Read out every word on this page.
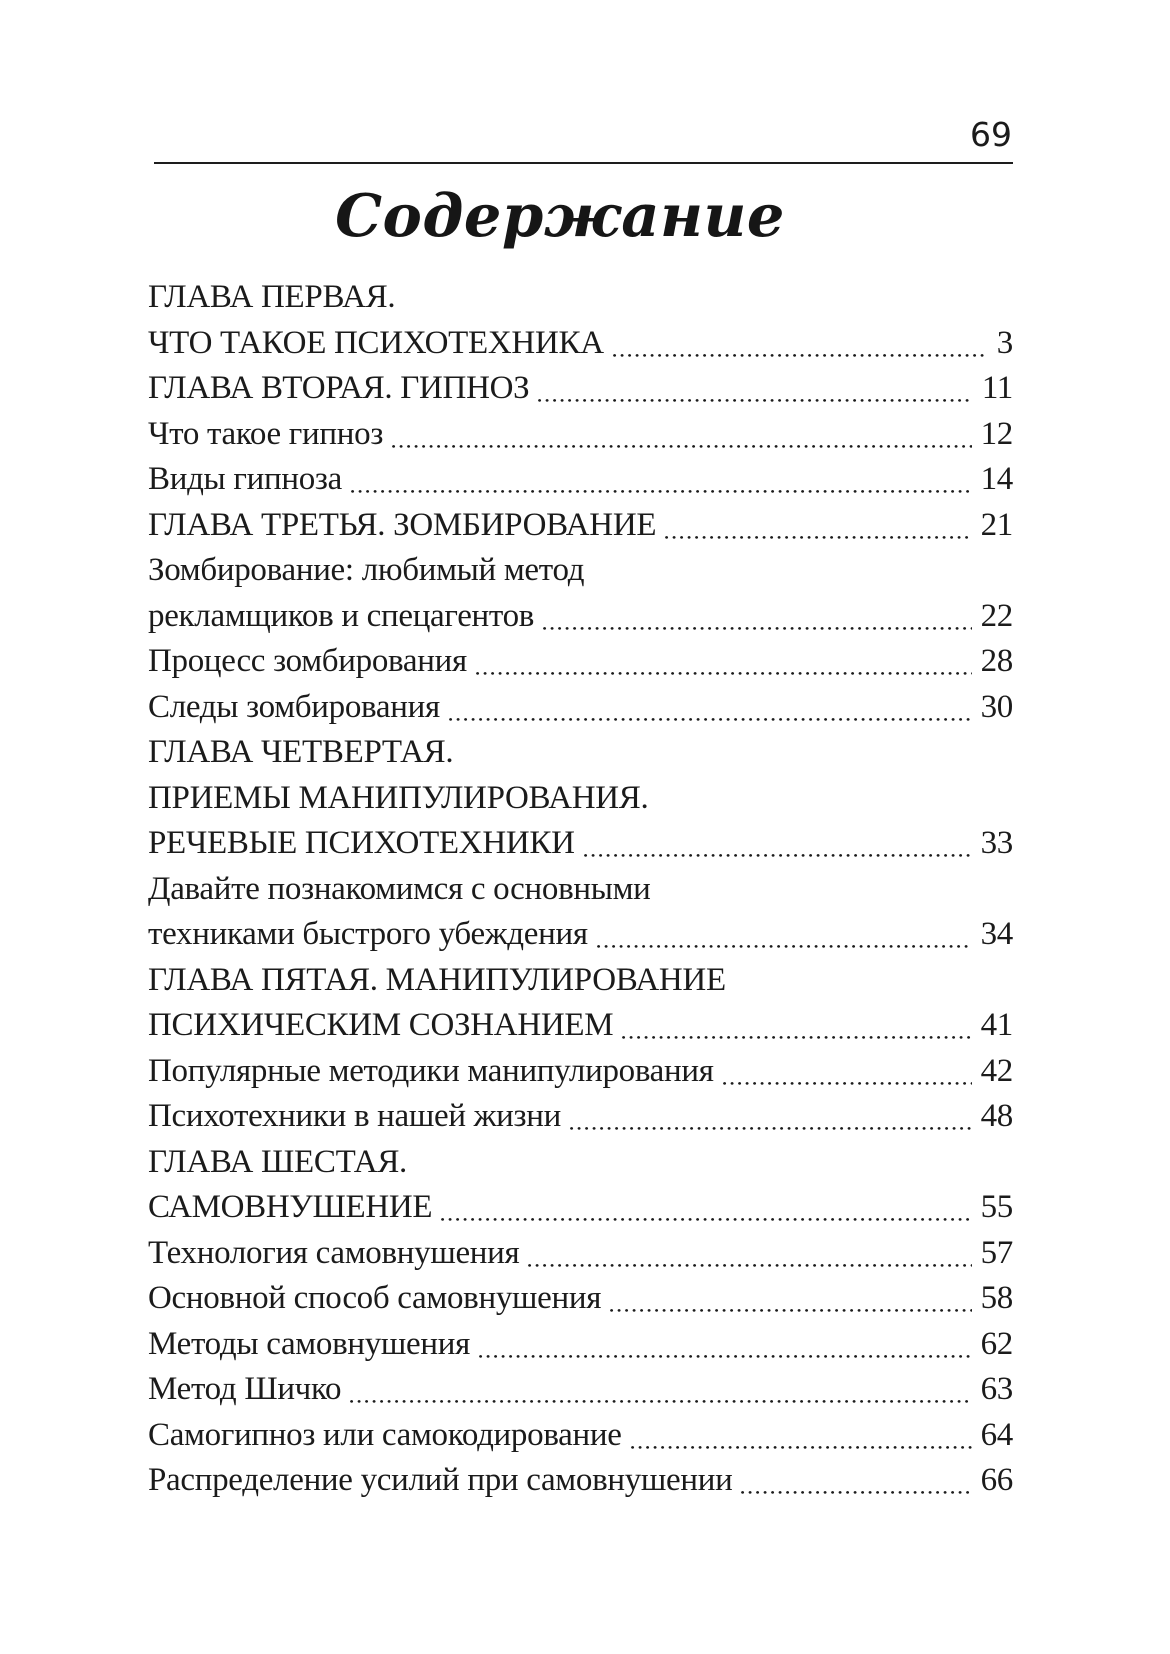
69
Содержание
ГЛАВА ПЕРВАЯ.
ЧТО ТАКОЕ ПСИХОТЕХНИКА	3
ГЛАВА ВТОРАЯ. ГИПНОЗ	11
Что такое гипноз	12
Виды гипноза	14
ГЛАВА ТРЕТЬЯ. ЗОМБИРОВАНИЕ	21
Зомбирование: любимый метод
рекламщиков и спецагентов	22
Процесс зомбирования	28
Следы зомбирования	30
ГЛАВА ЧЕТВЕРТАЯ.
ПРИЕМЫ МАНИПУЛИРОВАНИЯ.
РЕЧЕВЫЕ ПСИХОТЕХНИКИ	33
Давайте познакомимся с основными
техниками быстрого убеждения	34
ГЛАВА ПЯТАЯ. МАНИПУЛИРОВАНИЕ
ПСИХИЧЕСКИМ СОЗНАНИЕМ	41
Популярные методики манипулирования	42
Психотехники в нашей жизни	48
ГЛАВА ШЕСТАЯ.
САМОВНУШЕНИЕ	55
Технология самовнушения	57
Основной способ самовнушения	58
Методы самовнушения	62
Метод Шичко	63
Самогипноз или самокодирование	64
Распределение усилий при самовнушении	66
